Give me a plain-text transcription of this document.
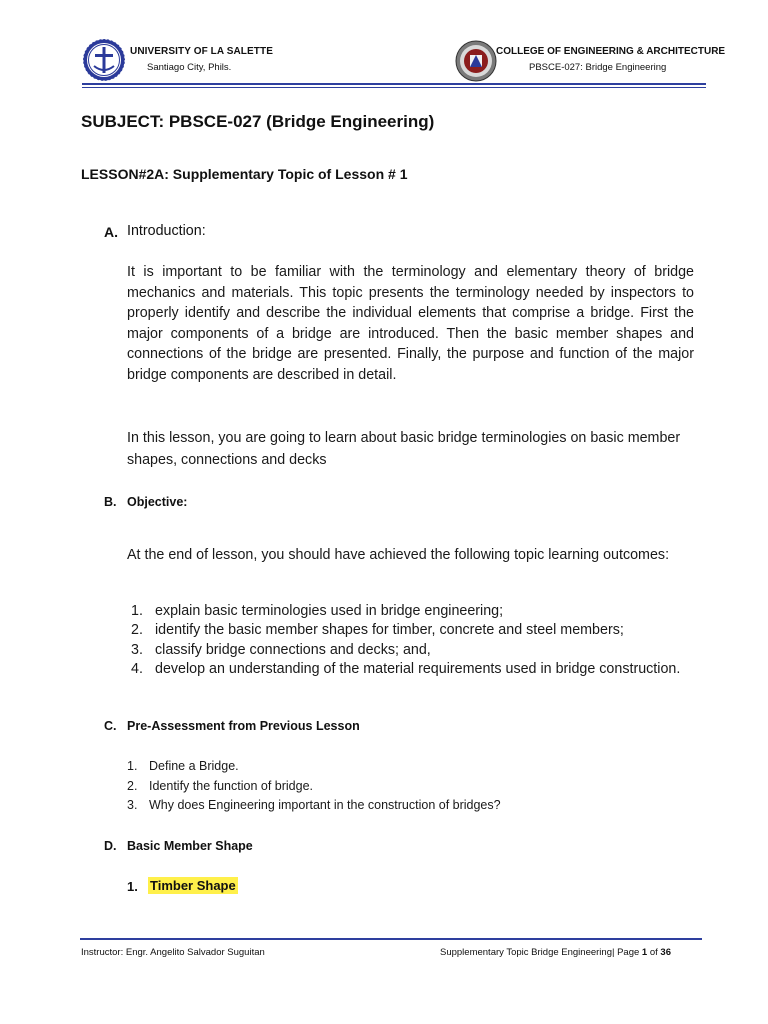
UNIVERSITY OF LA SALETTE
Santiago City, Phils.
COLLEGE OF ENGINEERING & ARCHITECTURE
PBSCE-027: Bridge Engineering
SUBJECT: PBSCE-027 (Bridge Engineering)
LESSON#2A: Supplementary Topic of Lesson # 1
A. Introduction:
It is important to be familiar with the terminology and elementary theory of bridge mechanics and materials. This topic presents the terminology needed by inspectors to properly identify and describe the individual elements that comprise a bridge. First the major components of a bridge are introduced. Then the basic member shapes and connections of the bridge are presented. Finally, the purpose and function of the major bridge components are described in detail.
In this lesson, you are going to learn about basic bridge terminologies on basic member shapes, connections and decks
B. Objective:
At the end of lesson, you should have achieved the following topic learning outcomes:
1. explain basic terminologies used in bridge engineering;
2. identify the basic member shapes for timber, concrete and steel members;
3. classify bridge connections and decks; and,
4. develop an understanding of the material requirements used in bridge construction.
C. Pre-Assessment from Previous Lesson
1. Define a Bridge.
2. Identify the function of bridge.
3. Why does Engineering important in the construction of bridges?
D. Basic Member Shape
1. Timber Shape
Instructor: Engr. Angelito Salvador Suguitan	Supplementary Topic Bridge Engineering| Page 1 of 36
